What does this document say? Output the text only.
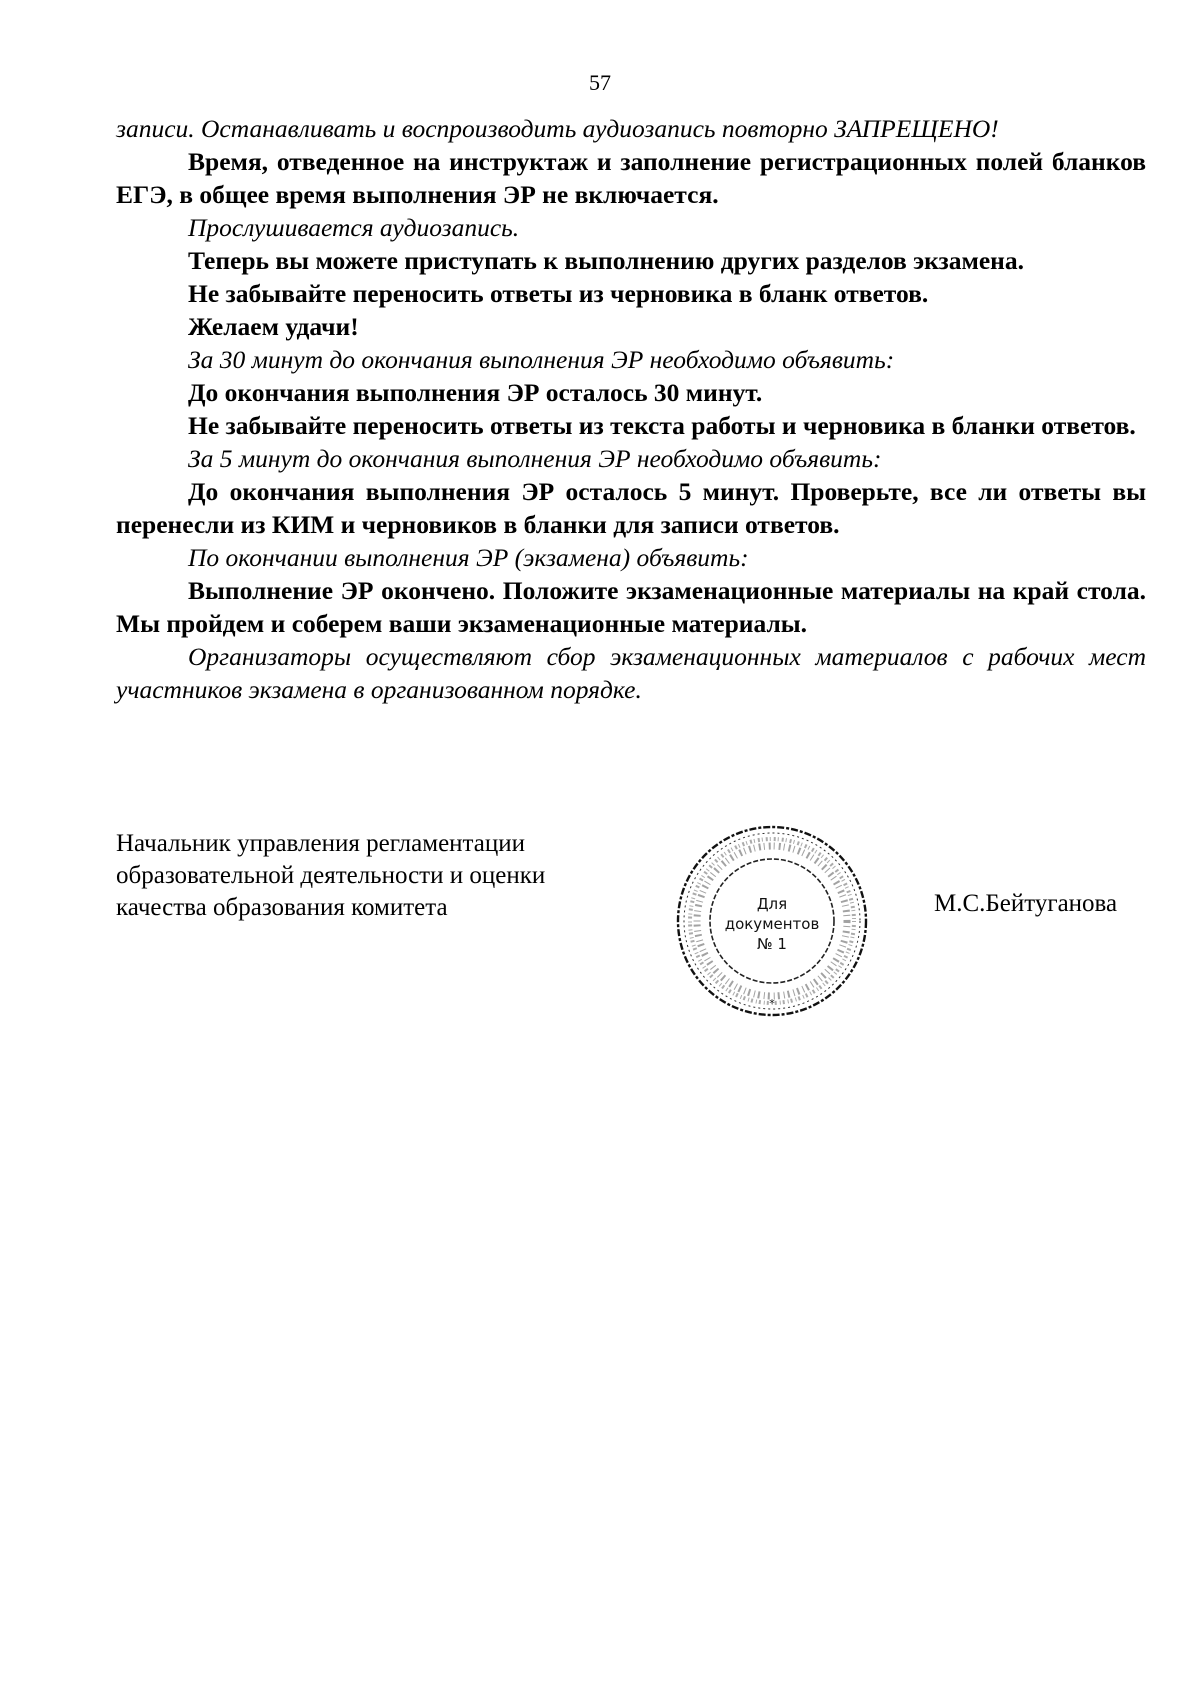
57

записи. Останавливать и воспроизводить аудиозапись повторно ЗАПРЕЩЕНО!

Время, отведенное на инструктаж и заполнение регистрационных полей бланков ЕГЭ, в общее время выполнения ЭР не включается.

Прослушивается аудиозапись.

Теперь вы можете приступать к выполнению других разделов экзамена.

Не забывайте переносить ответы из черновика в бланк ответов.

Желаем удачи!

За 30 минут до окончания выполнения ЭР необходимо объявить:

До окончания выполнения ЭР осталось 30 минут.

Не забывайте переносить ответы из текста работы и черновика в бланки ответов.

За 5 минут до окончания выполнения ЭР необходимо объявить:

До окончания выполнения ЭР осталось 5 минут. Проверьте, все ли ответы вы перенесли из КИМ и черновиков в бланки для записи ответов.

По окончании выполнения ЭР (экзамена) объявить:

Выполнение ЭР окончено. Положите экзаменационные материалы на край стола. Мы пройдем и соберем ваши экзаменационные материалы.

Организаторы осуществляют сбор экзаменационных материалов с рабочих мест участников экзамена в организованном порядке.

Начальник управления регламентации
образовательной деятельности и оценки
качества образования комитета
*
Для
документов
№ 1
М.С.Бейтуганова
